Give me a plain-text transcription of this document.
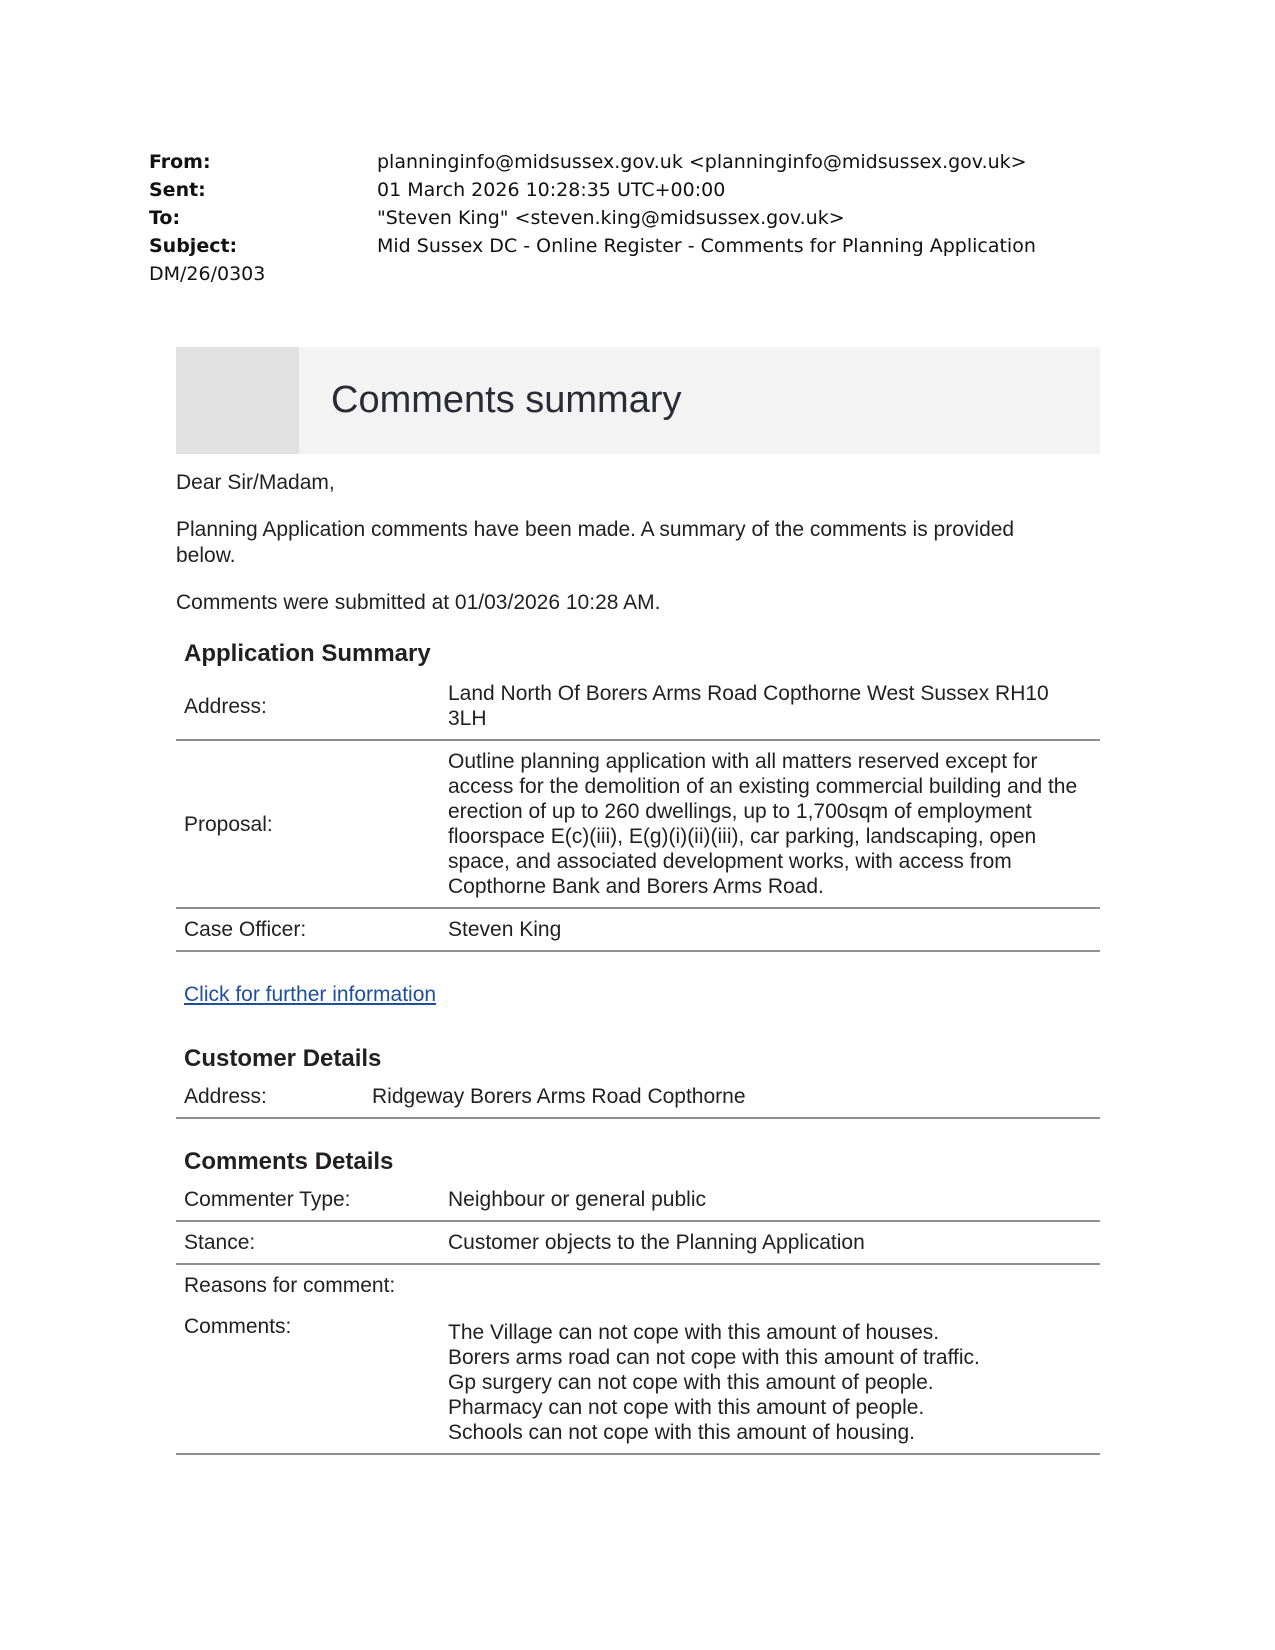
From:	planninginfo@midsussex.gov.uk <planninginfo@midsussex.gov.uk>
Sent:	01 March 2026 10:28:35 UTC+00:00
To:	"Steven King" <steven.king@midsussex.gov.uk>
Subject:	Mid Sussex DC - Online Register - Comments for Planning Application
DM/26/0303
Comments summary

Dear Sir/Madam,

Planning Application comments have been made. A summary of the comments is provided below.

Comments were submitted at 01/03/2026 10:28 AM.

Application Summary
Address:	Land North Of Borers Arms Road Copthorne West Sussex RH10 3LH
Proposal:	Outline planning application with all matters reserved except for access for the demolition of an existing commercial building and the erection of up to 260 dwellings, up to 1,700sqm of employment floorspace E(c)(iii), E(g)(i)(ii)(iii), car parking, landscaping, open space, and associated development works, with access from Copthorne Bank and Borers Arms Road.
Case Officer:	Steven King
Click for further information
Customer Details
Address:	Ridgeway Borers Arms Road Copthorne
Comments Details
Commenter Type:	Neighbour or general public
Stance:	Customer objects to the Planning Application
Reasons for comment:	
Comments:	The Village can not cope with this amount of houses.
Borers arms road can not cope with this amount of traffic.
Gp surgery can not cope with this amount of people.
Pharmacy can not cope with this amount of people.
Schools can not cope with this amount of housing.
